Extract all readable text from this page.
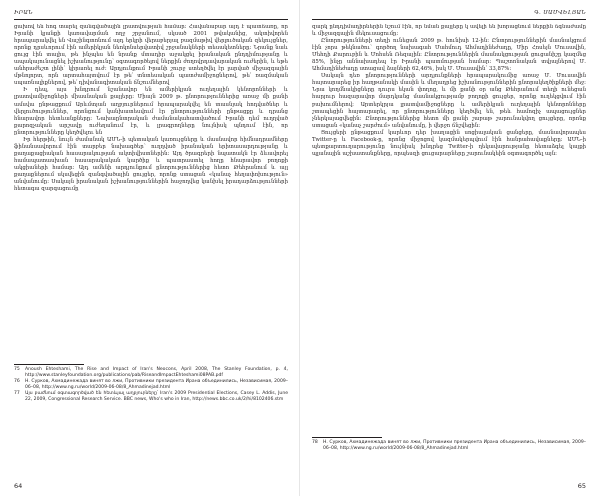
ԻՐԱՆ

ցախով են հոգ տարել զանգվածային լրատվության համար։ Հավանաբար այդ է պատճառը, որ Իրանի կյանքի կառավարման ողջ շրջանում, սկսած 2001 թվականից, ակտիվորեն հրապարակվել են Վաշինգտոնում այդ երկրի վերաբերյալ բազմաթիվ վերլուծական զեկույցներ, որոնք դրսևորում էին ամերիկյան նեոկոնսերվատիվ շրջանակների տեսակետները։ Նրանք նաև ցույց էին տալիս, թե ինչպես են նրանք մտադիր աջակցել իրանական ընդդիմությանը և ապակայունացնել իշխանությունը՝ օգտագործելով ներքին ժողովրդավարական ուժերին, և եթե անհրաժեշտ լինի՝ կիրառել ուժ։ Արդյունքում Իրանի շուրջ ստեղծվել էր լարված միջազգային մթնոլորտ, որն արտահայտվում էր թե՛ տնտեսական պատժամիջոցներով, թե՛ ռազմական սպառնալիքներով, թե՛ դիվանագիտական ճնշումներով

Ի դեպ, այս խնդրում նշանավոր են ամերիկյան ուղեղային կենտրոնների և լրատվամիջոցների միասնական քայլերը։ Միայն 2009 թ. ընտրություններից առաջ մի քանի ամսվա ընթացքում Արևմտյան աղբյուրներում հրապարակվել են տասնյակ հոդվածներ և վերլուծություններ, որոնցում կանխատեսվում էր ընտրությունների ընթացքը և դրանց հնարավոր հետևանքները։ Նախաընտրական ժամանակահատվածում Իրանի դեմ ուղղված քարոզչական արշավը ուժեղանում էր, և լրագրողները նույնիսկ պնդում էին, որ ընտրությունները կեղծվելու են

Իր հերթին, նույն ժամանակ ԱՄՆ-ի պետական կառույցները և մասնավոր հիմնադրամները ֆինանսավորում էին տարբեր նախագծեր՝ ուղղված իրանական երիտասարդությանը և քաղաքացիական հասարակության ակտիվիստներին։ Այդ ծրագրերի նպատակն էր ձևավորել համապատասխան հասարակական կարծիք և պատրաստել հողը հնարավոր բողոքի ակցիաների համար։ Այդ ամենի արդյունքում ընտրություններից հետո Թեհրանում և այլ քաղաքներում սկսվեցին զանգվածային ցույցեր, որոնք ստացան «կանաչ հեղափոխություն» անվանումը։ Սակայն իրանական իշխանություններին հաջողվեց կանխել իրադարձությունների հետագա զարգացումը

75	Anoush Ehteshami, The Rise and Impact of Iran's Neocons, April 2008, The Stanley Foundation, p. 4, http://www.stanleyfoundation.org/publications/pab/RiseandImpactEhteshami08PAB.pdf
76	Н. Сурков, Ахмадинежада винят во лжи, Противники президента Ирана объединились, Независимая, 2009–06–08, http://www.ng.ru/world/2009-06-08/8_Ahmadinejad.html
77	Այս բաժնում օգտագործված են հետևյալ աղբյուրները՝ Iran's 2009 Presidential Elections, Casey L. Addis, June 22, 2009, Congressional Research Service. BBC news, Who's who in Iran, http://news.bbc.co.uk/2/hi/8102406.stm
64
Գ. ՍԱՄՎԵԼՅԱՆ

զարկ ընդդիմադիրներին նշում էին, որ նման քայլերը կ ավելի են խորացնում ներքին ճգնաժամը և միջազգային մեկուսացումը։

Ընտրությունների տեղի ունեցան 2009 թ. հունիսի 12-ին։ Ընտրություններին մասնակցում էին չորս թեկնածու՝ գործող նախագահ Մահմուդ Ահմադինեժադը, Միր Հոսեյն Մուսավին, Մեհդի Քարուբին և Մոհսեն Ռեզային։ Ընտրություններին մասնակցության ցուցանիշը կազմեց 85%, ինչը աննախադեպ էր Իրանի պատմության համար։ Պաշտոնական տվյալներով Մ. Ահմադինեժադը ստացավ ձայների 62,46%, իսկ Մ. Մուսավին՝ 33,87%։

Սակայն դեռ ընտրությունների արդյունքների հրապարակումից առաջ Մ. Մուսավին հայտարարեց իր հաղթանակի մասին և մեղադրեց իշխանություններին ընտրակեղծիքների մեջ։ Նրա կողմնակիցները դուրս եկան փողոց, և մի քանի օր անց Թեհրանում տեղի ունեցան հարյուր հազարավոր մարդկանց մասնակցությամբ բողոքի ցույցեր, որոնք ուղեկցվում էին բախումներով։ Արտերկրյա լրատվամիջոցները և ամերիկյան ուղեղային կենտրոնները շտապեցին հայտարարել, որ ընտրությունները կեղծվել են, թեև համոզիչ ապացույցներ չներկայացվեցին։ Ընտրություններից հետո մի քանի շաբաթ շարունակվող ցույցերը, որոնք ստացան «կանաչ շարժում» անվանումը, ի վերջո ճնշվեցին։

Ցույցերի ընթացքում կարևոր դեր խաղացին սոցիալական ցանցերը, մասնավորապես Twitter-ը և Facebook-ը, որոնց միջոցով կազմակերպվում էին հանրահավաքները։ ԱՄՆ-ի պետքարտուղարությունը նույնիսկ խնդրեց Twitter-ի ղեկավարությանը հետաձգել կայքի պլանային աշխատանքները, որպեսզի ցուցարարները շարունակեին օգտագործել այն։

78	Н. Сурков, Ахмадинежада винят во лжи, Противники президента Ирана объединились, Независимая, 2009–06–08, http://www.ng.ru/world/2009-06-08/8_Ahmadinejad.html
65
